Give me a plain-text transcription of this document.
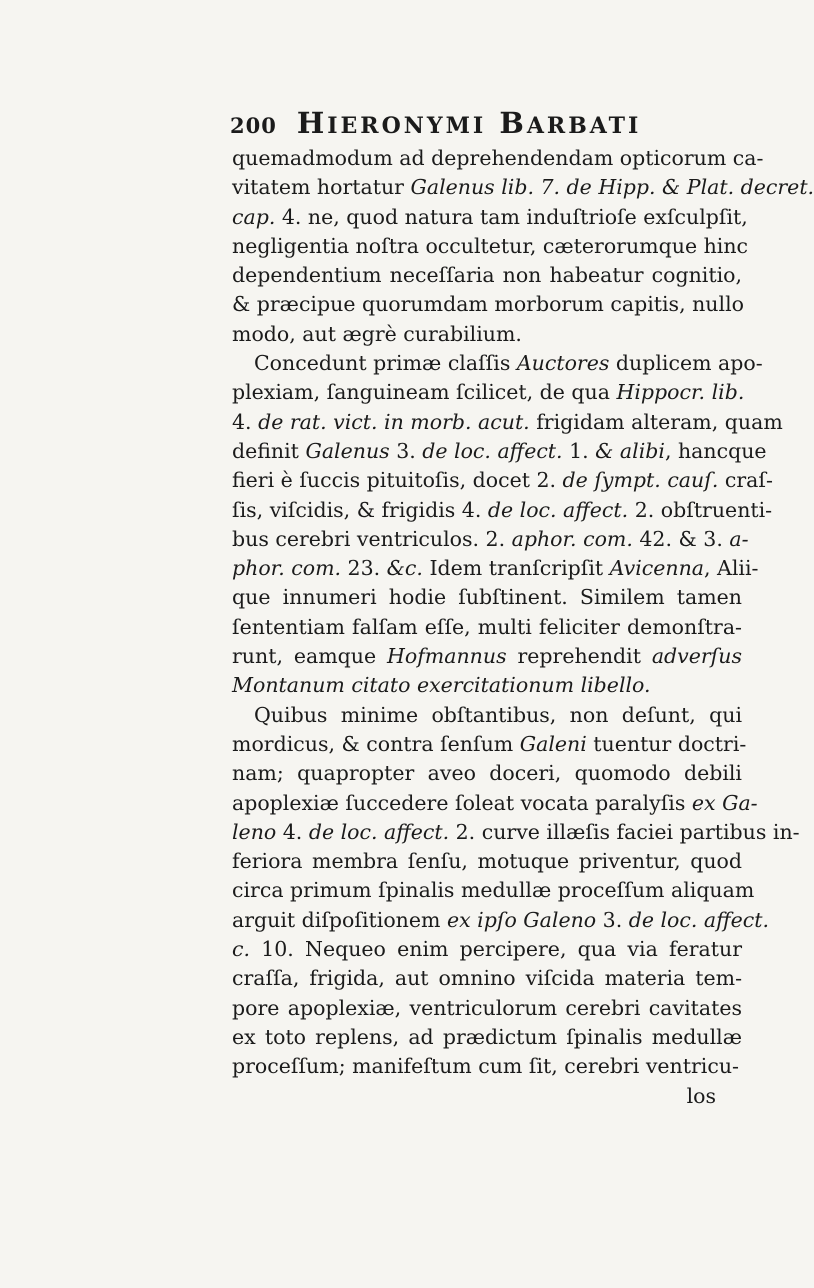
200 HIERONYMI BARBATI
quemadmodum ad deprehendendam opticorum ca-
vitatem hortatur Galenus lib. 7. de Hipp. & Plat. decret.
cap. 4. ne, quod natura tam induſtrioſe exſculpſit,
negligentia noſtra occultetur, cæterorumque hinc
dependentium neceſſaria non habeatur cognitio,
& præcipue quorumdam morborum capitis, nullo
modo, aut ægrè curabilium.
Concedunt primæ claſſis Auctores duplicem apo-
plexiam, ſanguineam ſcilicet, de qua Hippocr. lib.
4. de rat. vict. in morb. acut. frigidam alteram, quam
definit Galenus 3. de loc. affect. 1. & alibi, hancque
fieri è ſuccis pituitoſis, docet 2. de ſympt. cauſ. craſ-
ſis, viſcidis, & frigidis 4. de loc. affect. 2. obſtruenti-
bus cerebri ventriculos. 2. aphor. com. 42. & 3. a-
phor. com. 23. &c. Idem tranſcripſit Avicenna, Alii-
que innumeri hodie ſubſtinent. Similem tamen
ſententiam falſam eſſe, multi feliciter demonſtra-
runt, eamque Hofmannus reprehendit adverſus
Montanum citato exercitationum libello.
Quibus minime obſtantibus, non deſunt, qui
mordicus, & contra ſenſum Galeni tuentur doctri-
nam; quapropter aveo doceri, quomodo debili
apoplexiæ ſuccedere ſoleat vocata paralyſis ex Ga-
leno 4. de loc. affect. 2. curve illæſis faciei partibus in-
feriora membra ſenſu, motuque priventur, quod
circa primum ſpinalis medullæ proceſſum aliquam
arguit diſpoſitionem ex ipſo Galeno 3. de loc. affect.
c. 10. Nequeo enim percipere, qua via feratur
craſſa, frigida, aut omnino viſcida materia tem-
pore apoplexiæ, ventriculorum cerebri cavitates
ex toto replens, ad prædictum ſpinalis medullæ
proceſſum; manifeſtum cum ſit, cerebri ventricu-
los
